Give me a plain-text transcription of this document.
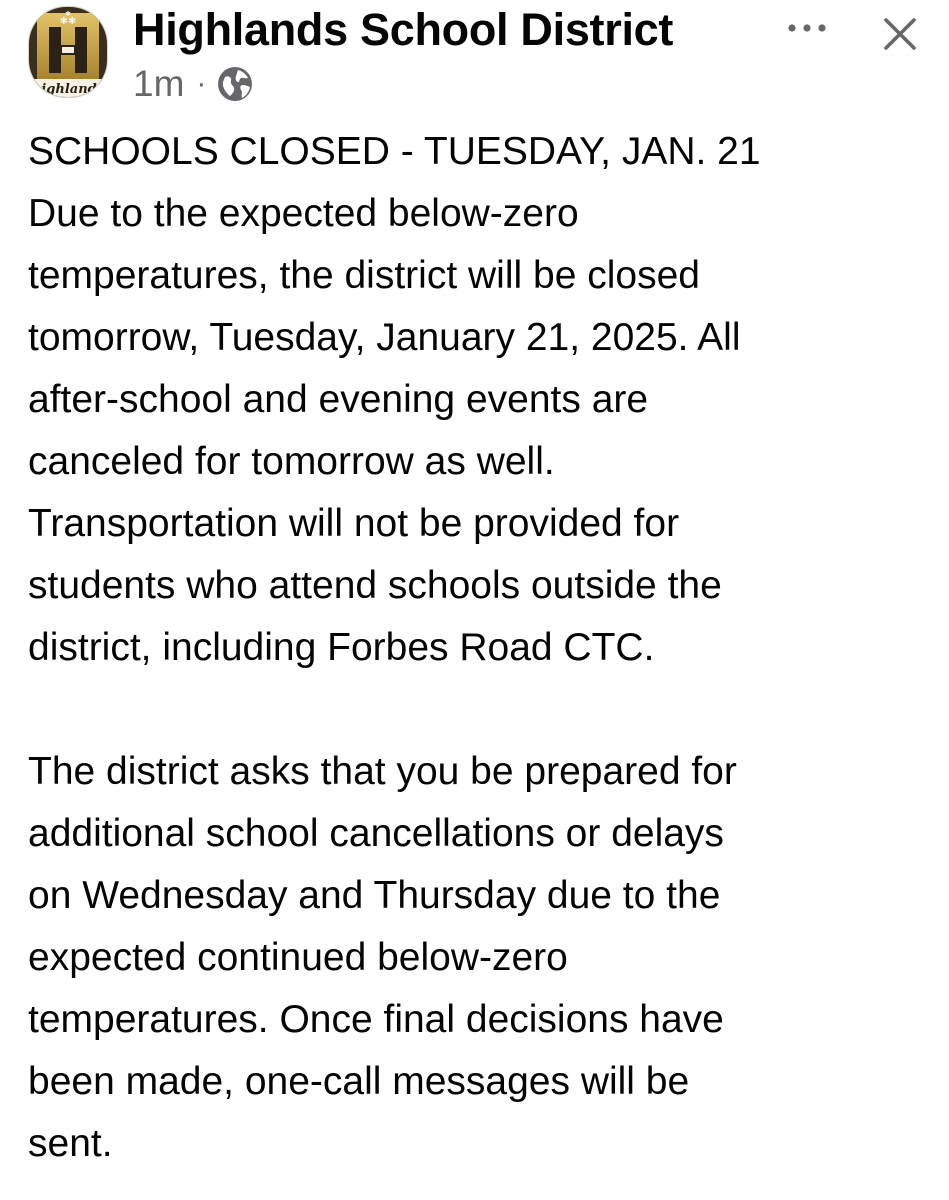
✱✱
✱
highlands
Highlands School District
1m ·

SCHOOLS CLOSED - TUESDAY, JAN. 21

Due to the expected below-zero

temperatures, the district will be closed

tomorrow, Tuesday, January 21, 2025. All

after-school and evening events are

canceled for tomorrow as well.

Transportation will not be provided for

students who attend schools outside the

district, including Forbes Road CTC.

The district asks that you be prepared for

additional school cancellations or delays

on Wednesday and Thursday due to the

expected continued below-zero

temperatures. Once final decisions have

been made, one-call messages will be

sent.
